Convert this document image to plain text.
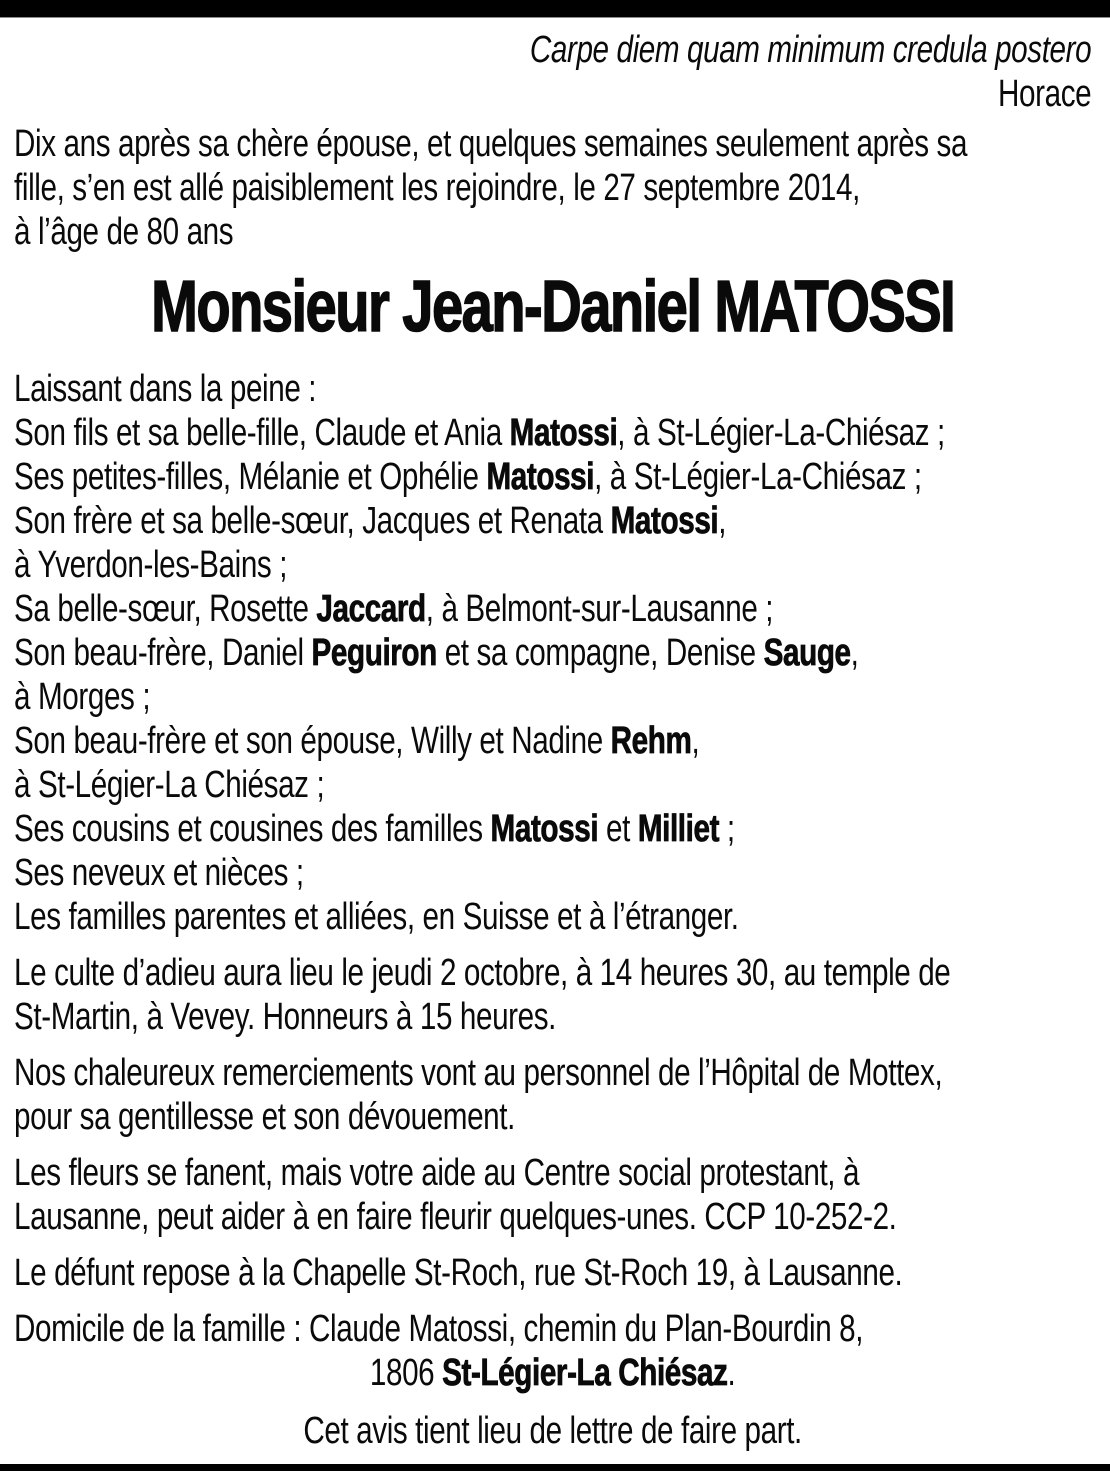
Carpe diem quam minimum credula postero
Horace
Dix ans après sa chère épouse, et quelques semaines seulement après sa
fille, s’en est allé paisiblement les rejoindre, le 27 septembre 2014,
à l’âge de 80 ans
Monsieur Jean-Daniel MATOSSI
Laissant dans la peine :
Son fils et sa belle-fille, Claude et Ania Matossi, à St-Légier-La-Chiésaz ;
Ses petites-filles, Mélanie et Ophélie Matossi, à St-Légier-La-Chiésaz ;
Son frère et sa belle-sœur, Jacques et Renata Matossi,
à Yverdon-les-Bains ;
Sa belle-sœur, Rosette Jaccard, à Belmont-sur-Lausanne ;
Son beau-frère, Daniel Peguiron et sa compagne, Denise Sauge,
à Morges ;
Son beau-frère et son épouse, Willy et Nadine Rehm,
à St-Légier-La Chiésaz ;
Ses cousins et cousines des familles Matossi et Milliet ;
Ses neveux et nièces ;
Les familles parentes et alliées, en Suisse et à l’étranger.
Le culte d’adieu aura lieu le jeudi 2 octobre, à 14 heures 30, au temple de
St-Martin, à Vevey. Honneurs à 15 heures.
Nos chaleureux remerciements vont au personnel de l’Hôpital de Mottex,
pour sa gentillesse et son dévouement.
Les fleurs se fanent, mais votre aide au Centre social protestant, à
Lausanne, peut aider à en faire fleurir quelques-unes. CCP 10-252-2.
Le défunt repose à la Chapelle St-Roch, rue St-Roch 19, à Lausanne.
Domicile de la famille : Claude Matossi, chemin du Plan-Bourdin 8,
1806 St-Légier-La Chiésaz.
Cet avis tient lieu de lettre de faire part.
